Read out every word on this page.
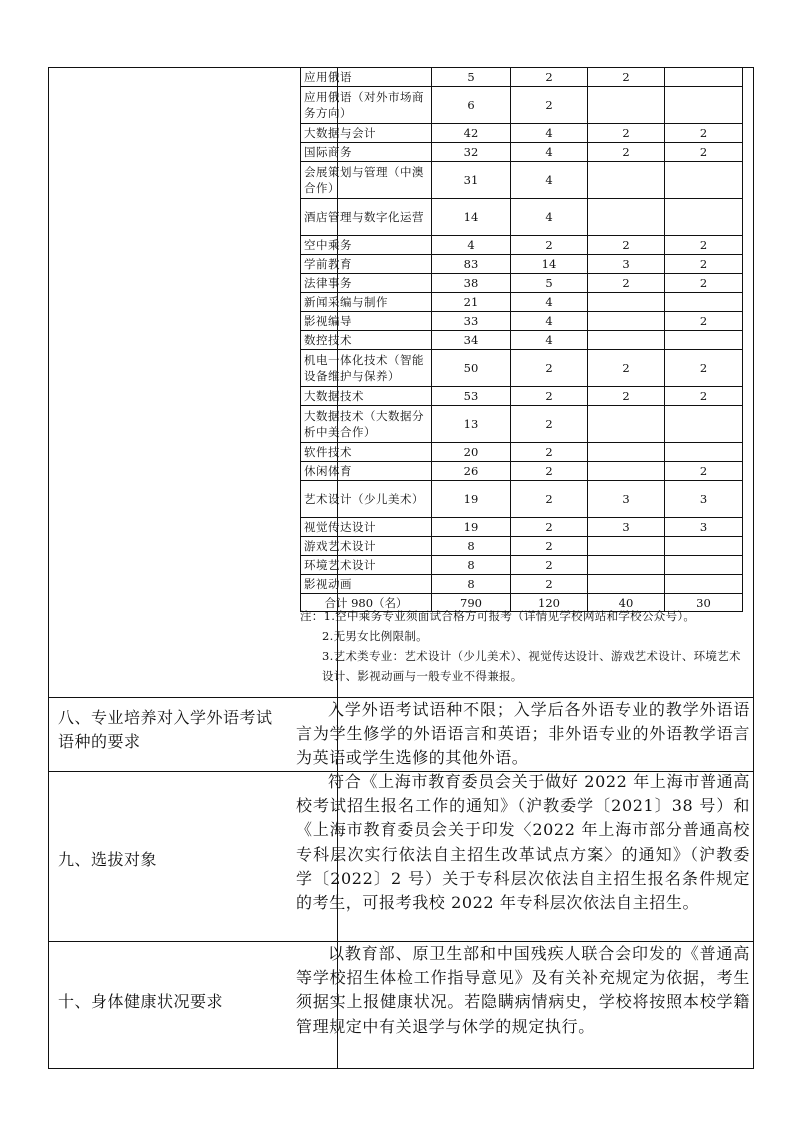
应用俄语	5	2	2	
应用俄语（对外市场商务方向）	6	2		
大数据与会计	42	4	2	2
国际商务	32	4	2	2
会展策划与管理（中澳合作）	31	4		
酒店管理与数字化运营	14	4		
空中乘务	4	2	2	2
学前教育	83	14	3	2
法律事务	38	5	2	2
新闻采编与制作	21	4		
影视编导	33	4		2
数控技术	34	4		
机电一体化技术（智能设备维护与保养）	50	2	2	2
大数据技术	53	2	2	2
大数据技术（大数据分析中美合作）	13	2		
软件技术	20	2		
休闲体育	26	2		2
艺术设计（少儿美术）	19	2	3	3
视觉传达设计	19	2	3	3
游戏艺术设计	8	2		
环境艺术设计	8	2		
影视动画	8	2		
合计 980（名）	790	120	40	30

注：1.空中乘务专业须面试合格方可报考（详情见学校网站和学校公众号）。

2.无男女比例限制。

3.艺术类专业：艺术设计（少儿美术）、视觉传达设计、游戏艺术设计、环境艺术设计、影视动画与一般专业不得兼报。

八、专业培养对入学外语考试语种的要求
入学外语考试语种不限；入学后各外语专业的教学外语语言为学生修学的外语语言和英语；非外语专业的外语教学语言为英语或学生选修的其他外语。
九、选拔对象
符合《上海市教育委员会关于做好 2022 年上海市普通高校考试招生报名工作的通知》（沪教委学〔2021〕38 号）和《上海市教育委员会关于印发〈2022 年上海市部分普通高校专科层次实行依法自主招生改革试点方案〉的通知》（沪教委学〔2022〕2 号）关于专科层次依法自主招生报名条件规定的考生，可报考我校 2022 年专科层次依法自主招生。
十、身体健康状况要求
以教育部、原卫生部和中国残疾人联合会印发的《普通高等学校招生体检工作指导意见》及有关补充规定为依据，考生须据实上报健康状况。若隐瞒病情病史，学校将按照本校学籍管理规定中有关退学与休学的规定执行。
